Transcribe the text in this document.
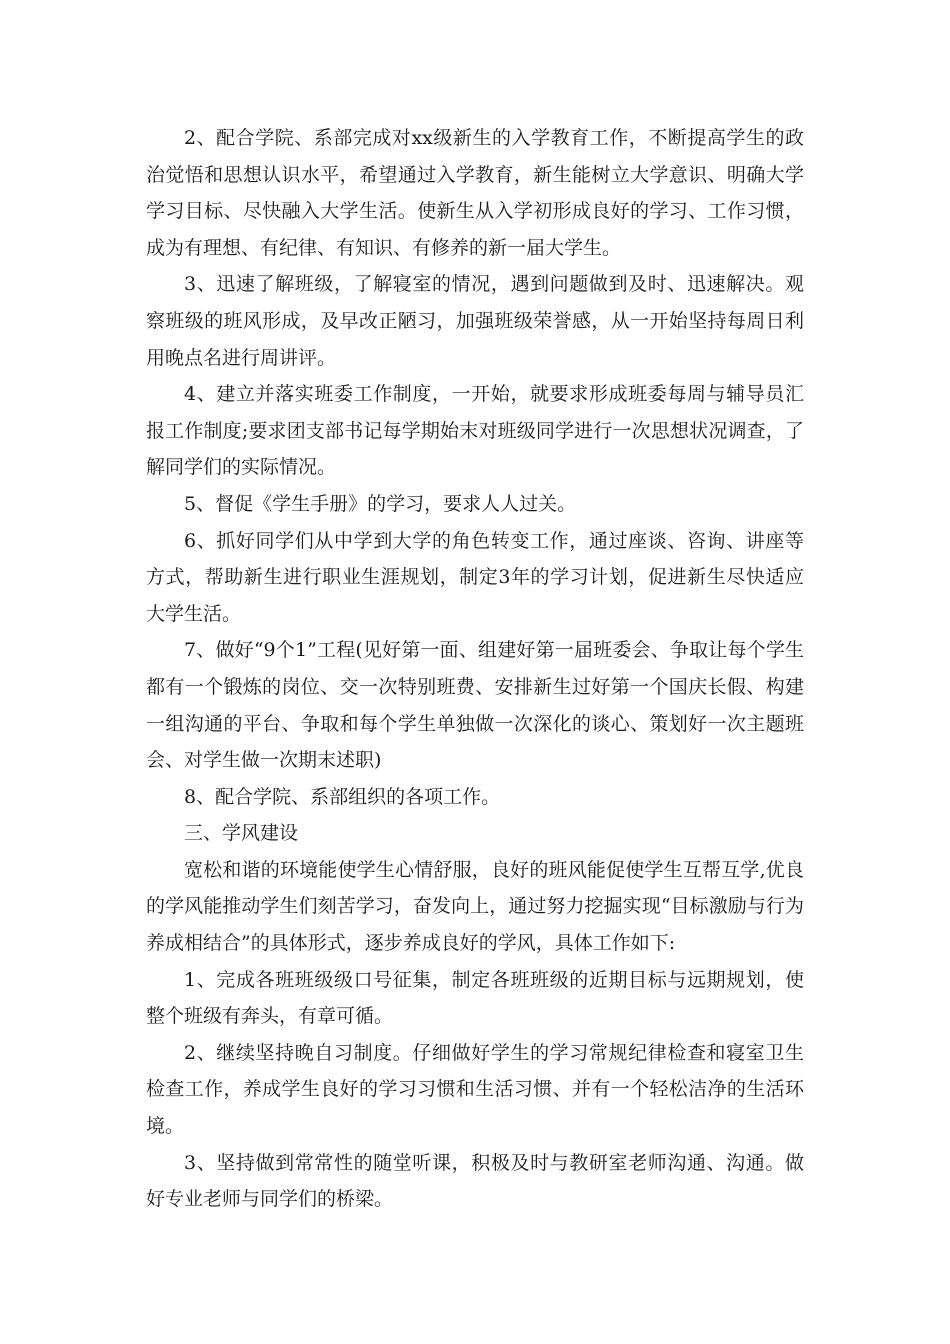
2、配合学院、系部完成对xx级新生的入学教育工作，不断提高学生的政治觉悟和思想认识水平，希望通过入学教育，新生能树立大学意识、明确大学学习目标、尽快融入大学生活。使新生从入学初形成良好的学习、工作习惯，成为有理想、有纪律、有知识、有修养的新一届大学生。

3、迅速了解班级，了解寝室的情况，遇到问题做到及时、迅速解决。观察班级的班风形成，及早改正陋习，加强班级荣誉感，从一开始坚持每周日利用晚点名进行周讲评。

4、建立并落实班委工作制度，一开始，就要求形成班委每周与辅导员汇报工作制度;要求团支部书记每学期始末对班级同学进行一次思想状况调查，了解同学们的实际情况。

5、督促《学生手册》的学习，要求人人过关。

6、抓好同学们从中学到大学的角色转变工作，通过座谈、咨询、讲座等方式，帮助新生进行职业生涯规划，制定3年的学习计划，促进新生尽快适应大学生活。

7、做好“9个1”工程(见好第一面、组建好第一届班委会、争取让每个学生都有一个锻炼的岗位、交一次特别班费、安排新生过好第一个国庆长假、构建一组沟通的平台、争取和每个学生单独做一次深化的谈心、策划好一次主题班会、对学生做一次期末述职)

8、配合学院、系部组织的各项工作。

三、学风建设

宽松和谐的环境能使学生心情舒服，良好的班风能促使学生互帮互学,优良的学风能推动学生们刻苦学习，奋发向上，通过努力挖掘实现“目标激励与行为养成相结合”的具体形式，逐步养成良好的学风，具体工作如下:

1、完成各班班级级口号征集，制定各班班级的近期目标与远期规划，使整个班级有奔头，有章可循。

2、继续坚持晚自习制度。仔细做好学生的学习常规纪律检查和寝室卫生检查工作，养成学生良好的学习习惯和生活习惯、并有一个轻松洁净的生活环境。

3、坚持做到常常性的随堂听课，积极及时与教研室老师沟通、沟通。做好专业老师与同学们的桥梁。
